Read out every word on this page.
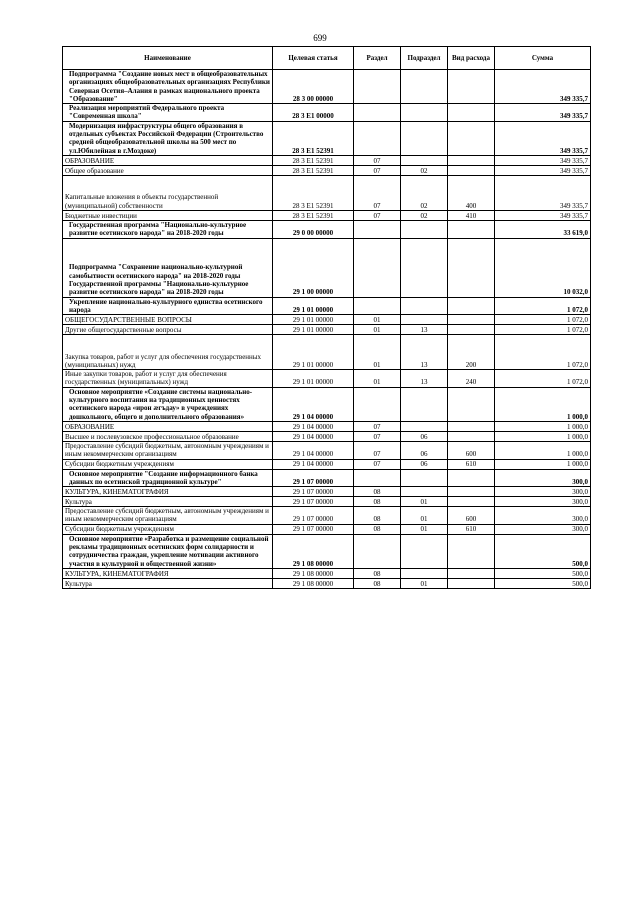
699
Наименование	Целевая статья	Раздел	Подраздел	Вид расхода	Сумма
Подпрограмма "Создание новых мест в общеобразовательных организациях общеобразовательных организациях Республики Северная Осетия–Алания в рамках национального проекта "Образование"	28 3 00 00000				349 335,7
Реализация мероприятий Федерального проекта "Современная школа"	28 3 E1 00000				349 335,7
Модернизация инфраструктуры общего образования в отдельных субъектах Российской Федерации (Строительство средней общеобразовательной школы на 500 мест по ул.Юбилейная в г.Моздоке)	28 3 E1 52391				349 335,7
ОБРАЗОВАНИЕ	28 3 E1 52391	07			349 335,7
Общее образование	28 3 E1 52391	07	02		349 335,7
Капитальные вложения в объекты государственной (муниципальной) собственности	28 3 E1 52391	07	02	400	349 335,7
Бюджетные инвестиции	28 3 E1 52391	07	02	410	349 335,7
Государственная программа "Национально-культурное развитие осетинского народа" на 2018-2020 годы	29 0 00 00000				33 619,0
Подпрограмма "Сохранение национально-культурной самобытности осетинского народа" на 2018-2020 годы Государственной программы "Национально-культурное развитие осетинского народа" на 2018-2020 годы	29 1 00 00000				10 032,0
Укрепление национально-культурного единства осетинского народа	29 1 01 00000				1 072,0
ОБЩЕГОСУДАРСТВЕННЫЕ ВОПРОСЫ	29 1 01 00000	01			1 072,0
Другие общегосударственные вопросы	29 1 01 00000	01	13		1 072,0
Закупка товаров, работ и услуг для обеспечения государственных (муниципальных) нужд	29 1 01 00000	01	13	200	1 072,0
Иные закупки товаров, работ и услуг для обеспечения государственных (муниципальных) нужд	29 1 01 00000	01	13	240	1 072,0
Основное мероприятие «Создание системы национально-культурного воспитания на традиционных ценностях осетинского народа «ирон æгъдау» в учреждениях дошкольного, общего и дополнительного образования»	29 1 04 00000				1 000,0
ОБРАЗОВАНИЕ	29 1 04 00000	07			1 000,0
Высшее и послевузовское профессиональное образование	29 1 04 00000	07	06		1 000,0
Предоставление субсидий бюджетным, автономным учреждениям и иным некоммерческим организациям	29 1 04 00000	07	06	600	1 000,0
Субсидии бюджетным учреждениям	29 1 04 00000	07	06	610	1 000,0
Основное мероприятие "Создание информационного банка данных по осетинской традиционной культуре"	29 1 07 00000				300,0
КУЛЬТУРА, КИНЕМАТОГРАФИЯ	29 1 07 00000	08			300,0
Культура	29 1 07 00000	08	01		300,0
Предоставление субсидий бюджетным, автономным учреждениям и иным некоммерческим организациям	29 1 07 00000	08	01	600	300,0
Субсидии бюджетным учреждениям	29 1 07 00000	08	01	610	300,0
Основное мероприятие «Разработка и размещение социальной рекламы традиционных осетинских форм солидарности и сотрудничества граждан, укрепление мотивации активного участия в культурной и общественной жизни»	29 1 08 00000				500,0
КУЛЬТУРА, КИНЕМАТОГРАФИЯ	29 1 08 00000	08			500,0
Культура	29 1 08 00000	08	01		500,0
